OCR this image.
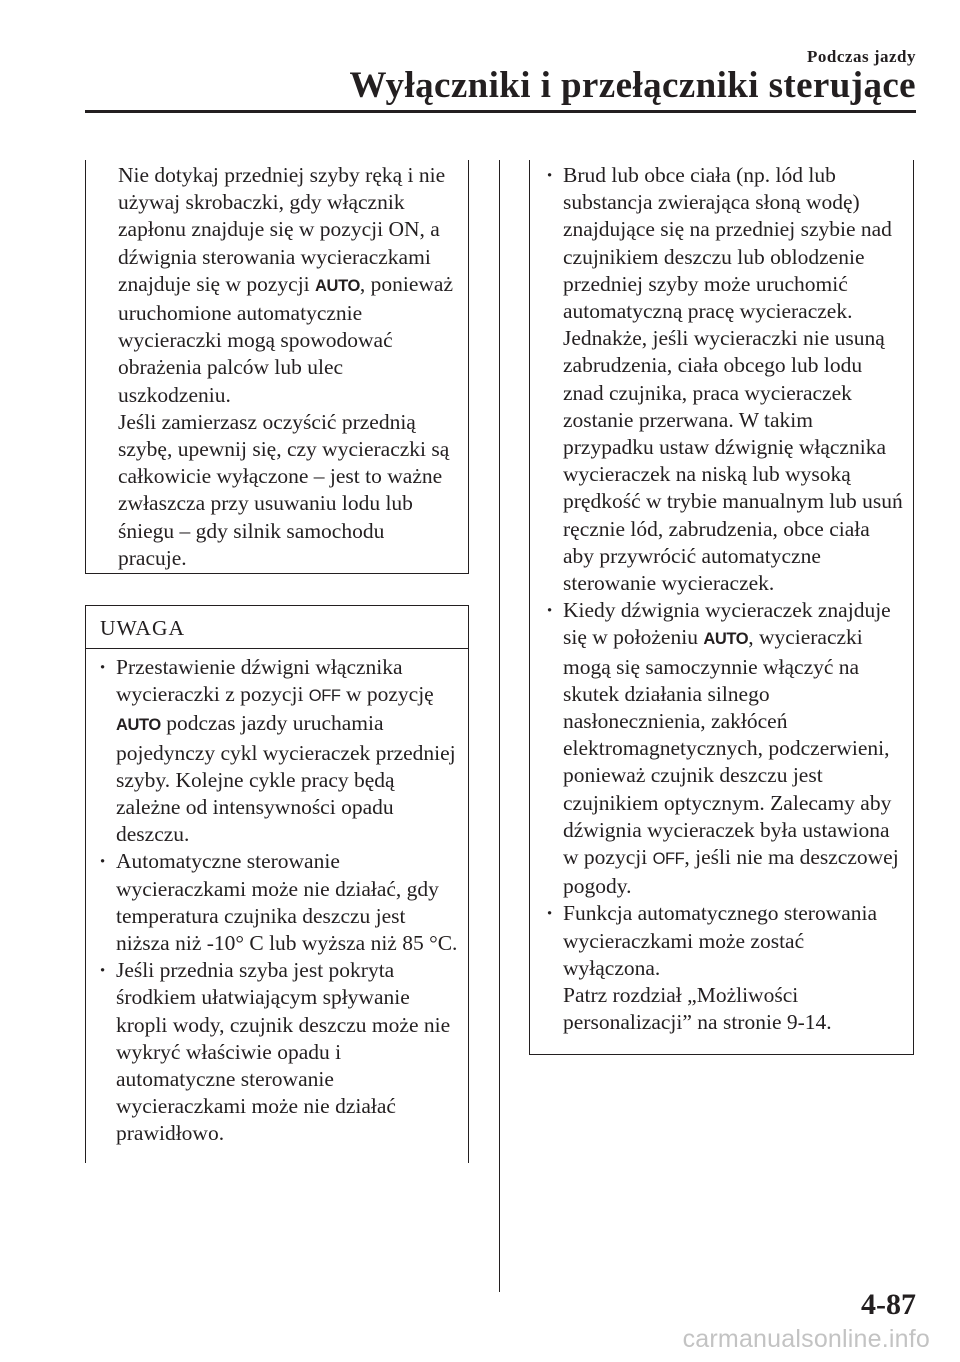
Podczas jazdy
Wyłączniki i przełączniki sterujące
Nie dotykaj przedniej szyby ręką i nie używaj skrobaczki, gdy włącznik zapłonu znajduje się w pozycji ON, a dźwignia sterowania wycieraczkami znajduje się w pozycji AUTO, ponieważ uruchomione automatycznie wycieraczki mogą spowodować obrażenia palców lub ulec uszkodzeniu.
Jeśli zamierzasz oczyścić przednią szybę, upewnij się, czy wycieraczki są całkowicie wyłączone – jest to ważne zwłaszcza przy usuwaniu lodu lub śniegu – gdy silnik samochodu pracuje.
UWAGA
· Przestawienie dźwigni włącznika wycieraczki z pozycji OFF w pozycję AUTO podczas jazdy uruchamia pojedynczy cykl wycieraczek przedniej szyby. Kolejne cykle pracy będą zależne od intensywności opadu deszczu.
· Automatyczne sterowanie wycieraczkami może nie działać, gdy temperatura czujnika deszczu jest niższa niż -10° C lub wyższa niż 85 °C.
· Jeśli przednia szyba jest pokryta środkiem ułatwiającym spływanie kropli wody, czujnik deszczu może nie wykryć właściwie opadu i automatyczne sterowanie wycieraczkami może nie działać prawidłowo.
· Brud lub obce ciała (np. lód lub substancja zwierająca słoną wodę) znajdujące się na przedniej szybie nad czujnikiem deszczu lub oblodzenie przedniej szyby może uruchomić automatyczną pracę wycieraczek. Jednakże, jeśli wycieraczki nie usuną zabrudzenia, ciała obcego lub lodu znad czujnika, praca wycieraczek zostanie przerwana. W takim przypadku ustaw dźwignię włącznika wycieraczek na niską lub wysoką prędkość w trybie manualnym lub usuń ręcznie lód, zabrudzenia, obce ciała aby przywrócić automatyczne sterowanie wycieraczek.
· Kiedy dźwignia wycieraczek znajduje się w położeniu AUTO, wycieraczki mogą się samoczynnie włączyć na skutek działania silnego nasłonecznienia, zakłóceń elektromagnetycznych, podczerwieni, ponieważ czujnik deszczu jest czujnikiem optycznym. Zalecamy aby dźwignia wycieraczek była ustawiona w pozycji OFF, jeśli nie ma deszczowej pogody.
· Funkcja automatycznego sterowania wycieraczkami może zostać wyłączona.
Patrz rozdział „Możliwości personalizacji” na stronie 9-14.
4-87
carmanualsonline.info
